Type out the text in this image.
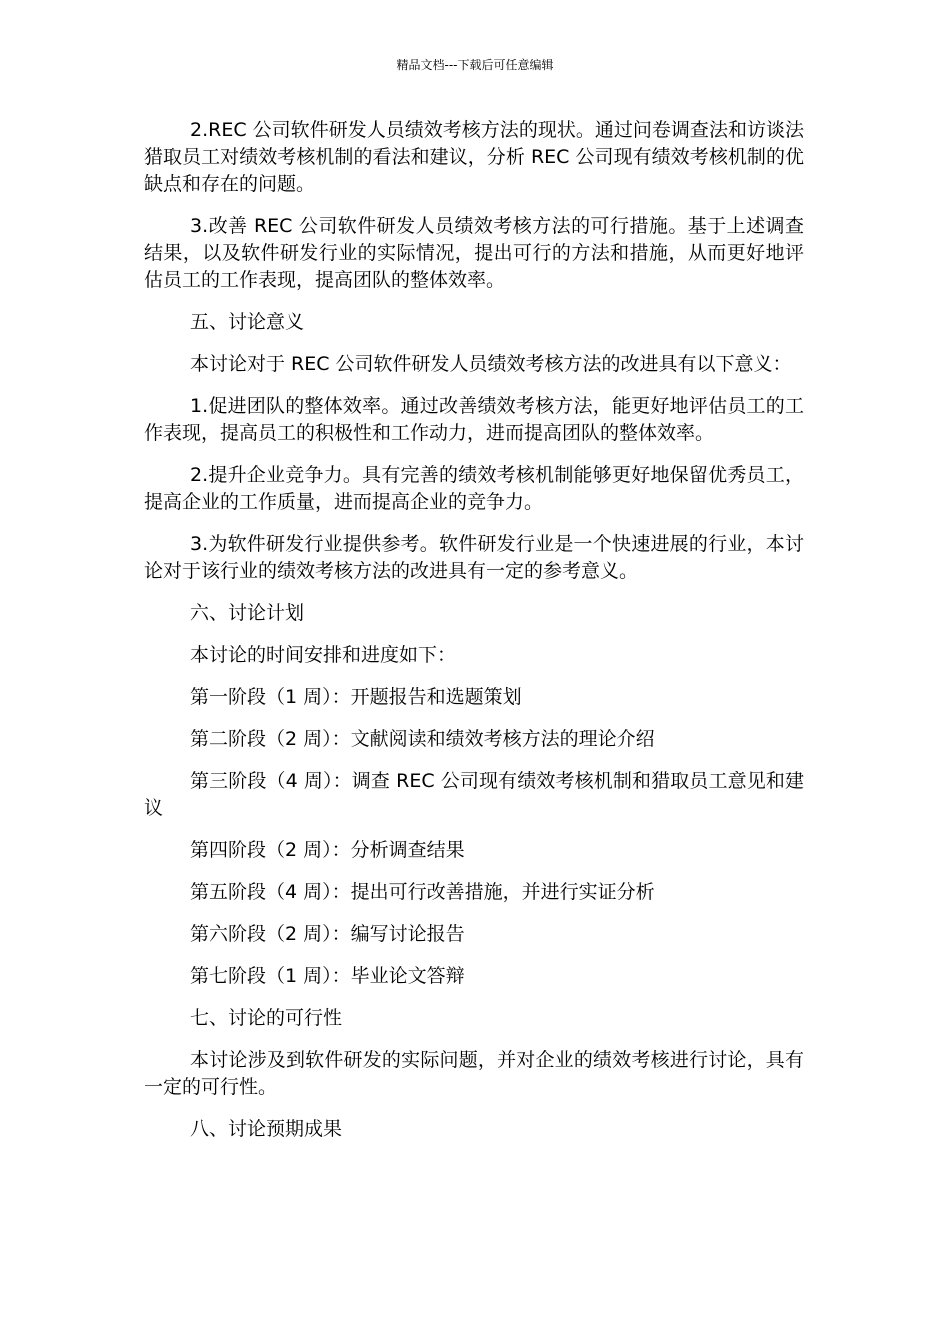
精品文档---下载后可任意编辑

2.REC 公司软件研发人员绩效考核方法的现状。通过问卷调查法和访谈法猎取员工对绩效考核机制的看法和建议，分析 REC 公司现有绩效考核机制的优缺点和存在的问题。

3.改善 REC 公司软件研发人员绩效考核方法的可行措施。基于上述调查结果，以及软件研发行业的实际情况，提出可行的方法和措施，从而更好地评估员工的工作表现，提高团队的整体效率。

五、讨论意义

本讨论对于 REC 公司软件研发人员绩效考核方法的改进具有以下意义：

1.促进团队的整体效率。通过改善绩效考核方法，能更好地评估员工的工作表现，提高员工的积极性和工作动力，进而提高团队的整体效率。

2.提升企业竞争力。具有完善的绩效考核机制能够更好地保留优秀员工，提高企业的工作质量，进而提高企业的竞争力。

3.为软件研发行业提供参考。软件研发行业是一个快速进展的行业，本讨论对于该行业的绩效考核方法的改进具有一定的参考意义。

六、讨论计划

本讨论的时间安排和进度如下：

第一阶段（1 周）：开题报告和选题策划

第二阶段（2 周）：文献阅读和绩效考核方法的理论介绍

第三阶段（4 周）：调查 REC 公司现有绩效考核机制和猎取员工意见和建议

第四阶段（2 周）：分析调查结果

第五阶段（4 周）：提出可行改善措施，并进行实证分析

第六阶段（2 周）：编写讨论报告

第七阶段（1 周）：毕业论文答辩

七、讨论的可行性

本讨论涉及到软件研发的实际问题，并对企业的绩效考核进行讨论，具有一定的可行性。

八、讨论预期成果
